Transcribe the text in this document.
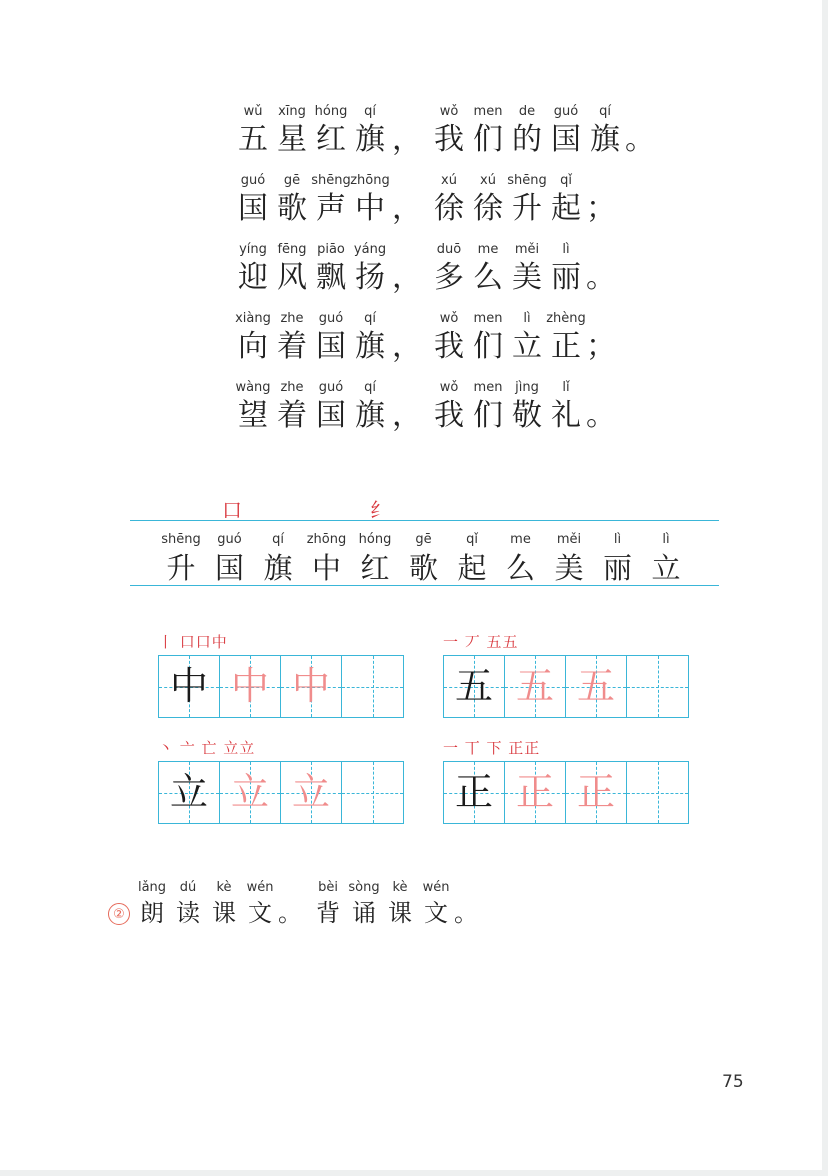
wǔ
五
xīng
星
hóng
红
qí
旗 ，
wǒ
我
men
们
de
的
guó
国
qí
旗 。
guó
国
gē
歌
shēng
声
zhōng
中 ，
xú
徐
xú
徐
shēng
升
qǐ
起 ；
yíng
迎
fēng
风
piāo
飘
yáng
扬 ，
duō
多
me
么
měi
美
lì
丽 。
xiàng
向
zhe
着
guó
国
qí
旗 ，
wǒ
我
men
们
lì
立
zhèng
正 ；
wàng
望
zhe
着
guó
国
qí
旗 ，
wǒ
我
men
们
jìng
敬
lǐ
礼 。
口	纟
shēng
升
guó
国
qí
旗
zhōng
中
hóng
红
gē
歌
qǐ
起
me
么
měi
美
lì
丽
lì
立
丨 口口中
中 中 中
一 丆 五五
五 五 五
丶 亠 亡 立立
立 立 立
一 丅 下 正正
正 正 正
②
lǎng
朗
dú
读
kè
课
wén
文 。
bèi
背
sòng
诵
kè
课
wén
文 。
75
